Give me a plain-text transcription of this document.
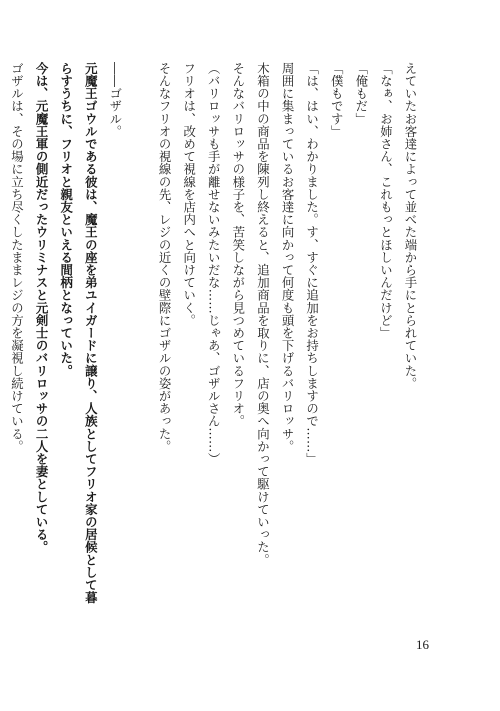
えていたお客達によって並べた端から手にとられていた。
「なぁ、お姉さん、これもっとほしいんだけど」
「俺もだ」
「僕もです」
「は、はい、わかりました。す、すぐに追加をお持ちしますので……」
周囲に集まっているお客達に向かって何度も頭を下げるバリロッサ。
木箱の中の商品を陳列し終えると、追加商品を取りに、店の奥へ向かって駆けていった。
そんなバリロッサの様子を、苦笑しながら見つめているフリオ。
（バリロッサも手が離せないみたいだな……じゃあ、ゴザルさん……）
フリオは、改めて視線を店内へと向けていく。
そんなフリオの視線の先、レジの近くの壁際にゴザルの姿があった。
――ゴザル。
元魔王ゴウルである彼は、魔王の座を弟ユイガードに譲り、人族としてフリオ家の居候として暮
らすうちに、フリオと親友といえる間柄となっていた。
今は、元魔王軍の側近だったウリミナスと元剣士のバリロッサの二人を妻としている。
ゴザルは、その場に立ち尽くしたままレジの方を凝視し続けている。
16
